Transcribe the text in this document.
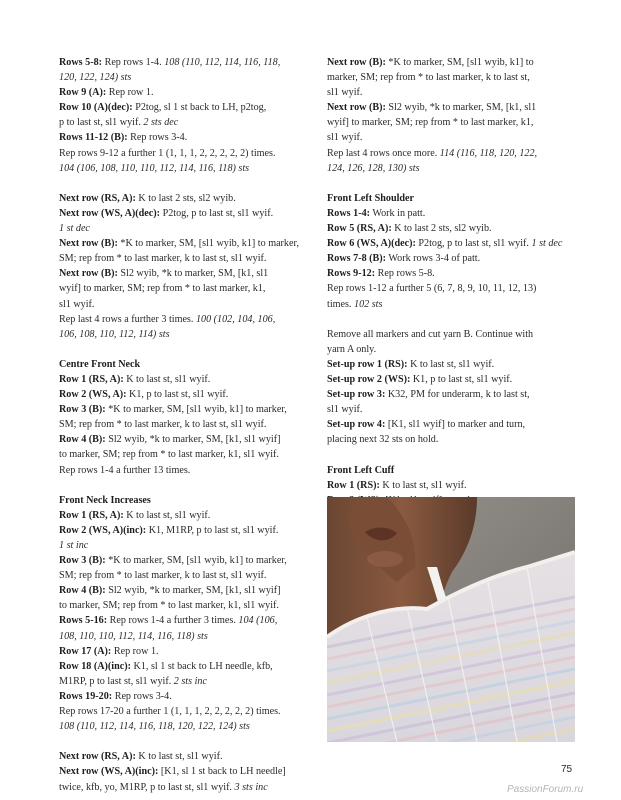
Rows 5-8: Rep rows 1-4. 108 (110, 112, 114, 116, 118,

120, 122, 124) sts

Row 9 (A): Rep row 1.

Row 10 (A)(dec): P2tog, sl 1 st back to LH, p2tog,

p to last st, sl1 wyif. 2 sts dec

Rows 11-12 (B): Rep rows 3-4.

Rep rows 9-12 a further 1 (1, 1, 1, 2, 2, 2, 2, 2) times.

104 (106, 108, 110, 110, 112, 114, 116, 118) sts

Next row (RS, A): K to last 2 sts, sl2 wyib.

Next row (WS, A)(dec): P2tog, p to last st, sl1 wyif.

1 st dec

Next row (B): *K to marker, SM, [sl1 wyib, k1] to marker,

SM; rep from * to last marker, k to last st, sl1 wyif.

Next row (B): Sl2 wyib, *k to marker, SM, [k1, sl1

wyif] to marker, SM; rep from * to last marker, k1,

sl1 wyif.

Rep last 4 rows a further 3 times. 100 (102, 104, 106,

106, 108, 110, 112, 114) sts

Centre Front Neck

Row 1 (RS, A): K to last st, sl1 wyif.

Row 2 (WS, A): K1, p to last st, sl1 wyif.

Row 3 (B): *K to marker, SM, [sl1 wyib, k1] to marker,

SM; rep from * to last marker, k to last st, sl1 wyif.

Row 4 (B): Sl2 wyib, *k to marker, SM, [k1, sl1 wyif]

to marker, SM; rep from * to last marker, k1, sl1 wyif.

Rep rows 1-4 a further 13 times.

Front Neck Increases

Row 1 (RS, A): K to last st, sl1 wyif.

Row 2 (WS, A)(inc): K1, M1RP, p to last st, sl1 wyif.

1 st inc

Row 3 (B): *K to marker, SM, [sl1 wyib, k1] to marker,

SM; rep from * to last marker, k to last st, sl1 wyif.

Row 4 (B): Sl2 wyib, *k to marker, SM, [k1, sl1 wyif]

to marker, SM; rep from * to last marker, k1, sl1 wyif.

Rows 5-16: Rep rows 1-4 a further 3 times. 104 (106,

108, 110, 110, 112, 114, 116, 118) sts

Row 17 (A): Rep row 1.

Row 18 (A)(inc): K1, sl 1 st back to LH needle, kfb,

M1RP, p to last st, sl1 wyif. 2 sts inc

Rows 19-20: Rep rows 3-4.

Rep rows 17-20 a further 1 (1, 1, 1, 2, 2, 2, 2, 2) times.

108 (110, 112, 114, 116, 118, 120, 122, 124) sts

Next row (RS, A): K to last st, sl1 wyif.

Next row (WS, A)(inc): [K1, sl 1 st back to LH needle]

twice, kfb, yo, M1RP, p to last st, sl1 wyif. 3 sts inc

Next row (B): *K to marker, SM, [sl1 wyib, k1] to

marker, SM; rep from * to last marker, k to last st,

sl1 wyif.

Next row (B): Sl2 wyib, *k to marker, SM, [k1, sl1

wyif] to marker, SM; rep from * to last marker, k1,

sl1 wyif.

Rep last 4 rows once more. 114 (116, 118, 120, 122,

124, 126, 128, 130) sts

Front Left Shoulder

Rows 1-4: Work in patt.

Row 5 (RS, A): K to last 2 sts, sl2 wyib.

Row 6 (WS, A)(dec): P2tog, p to last st, sl1 wyif. 1 st dec

Rows 7-8 (B): Work rows 3-4 of patt.

Rows 9-12: Rep rows 5-8.

Rep rows 1-12 a further 5 (6, 7, 8, 9, 10, 11, 12, 13)

times. 102 sts

Remove all markers and cut yarn B. Continue with

yarn A only.

Set-up row 1 (RS): K to last st, sl1 wyif.

Set-up row 2 (WS): K1, p to last st, sl1 wyif.

Set-up row 3: K32, PM for underarm, k to last st,

sl1 wyif.

Set-up row 4: [K1, sl1 wyif] to marker and turn,

placing next 32 sts on hold.

Front Left Cuff

Row 1 (RS): K to last st, sl1 wyif.

75
PassionForum.ru
